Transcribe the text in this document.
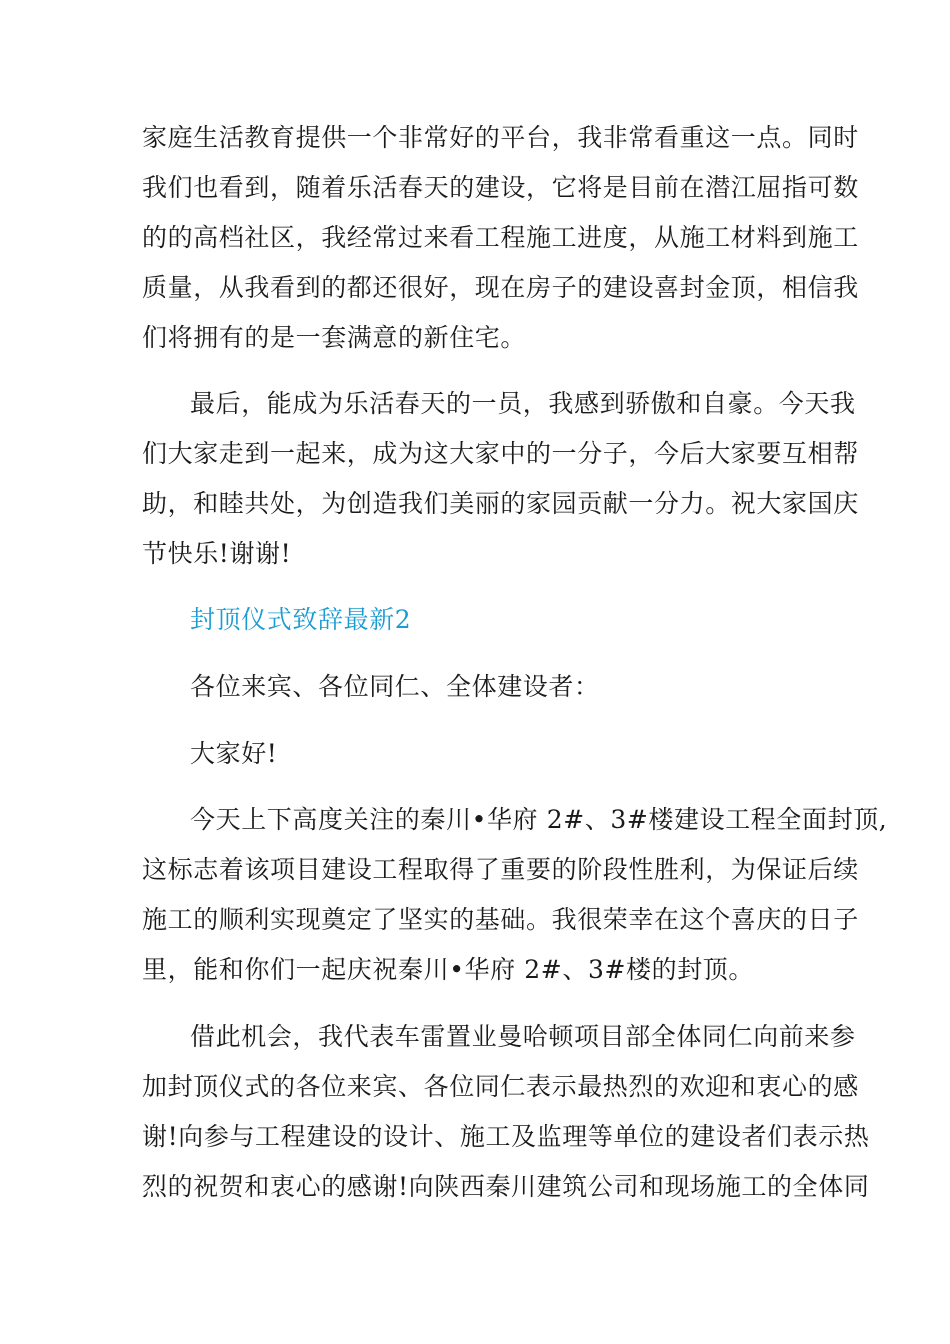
家庭生活教育提供一个非常好的平台，我非常看重这一点。同时
我们也看到，随着乐活春天的建设，它将是目前在潜江屈指可数
的的高档社区，我经常过来看工程施工进度，从施工材料到施工
质量，从我看到的都还很好，现在房子的建设喜封金顶，相信我
们将拥有的是一套满意的新住宅。
最后，能成为乐活春天的一员，我感到骄傲和自豪。今天我
们大家走到一起来，成为这大家中的一分子，今后大家要互相帮
助，和睦共处，为创造我们美丽的家园贡献一分力。祝大家国庆
节快乐!谢谢!
封顶仪式致辞最新2
各位来宾、各位同仁、全体建设者：
大家好!
今天上下高度关注的秦川•华府 2#、3#楼建设工程全面封顶,
这标志着该项目建设工程取得了重要的阶段性胜利，为保证后续
施工的顺利实现奠定了坚实的基础。我很荣幸在这个喜庆的日子
里，能和你们一起庆祝秦川•华府 2#、3#楼的封顶。
借此机会，我代表车雷置业曼哈顿项目部全体同仁向前来参
加封顶仪式的各位来宾、各位同仁表示最热烈的欢迎和衷心的感
谢!向参与工程建设的设计、施工及监理等单位的建设者们表示热
烈的祝贺和衷心的感谢!向陕西秦川建筑公司和现场施工的全体同
